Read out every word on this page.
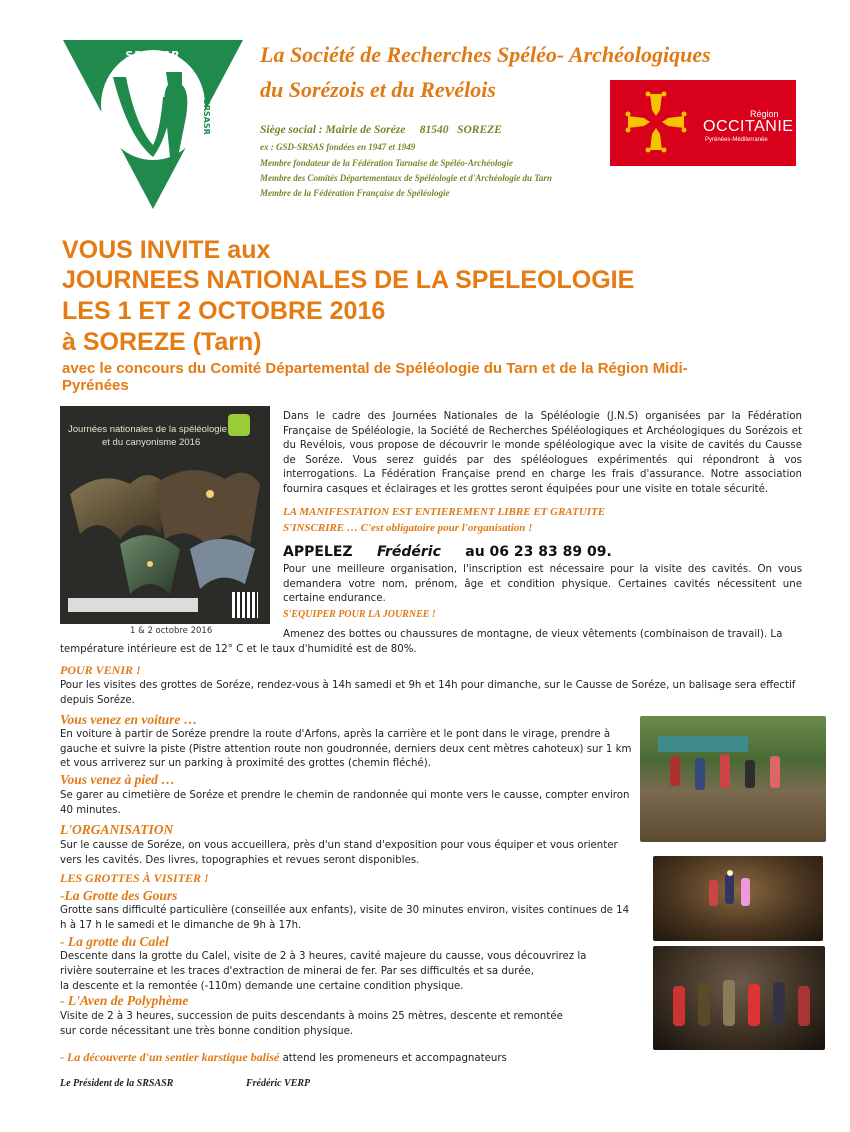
SRSASR
SRSASR
La Société de Recherches Spéléo- Archéologiques
du Sorézois et du Revélois
Siège social : Mairie de Soréze     81540   SOREZE
ex : GSD-SRSAS fondées en 1947 et 1949
Membre fondateur de la Fédération Tarnaise de Spéléo-Archéologie
Membre des Comités Départementaux de Spéléologie et d'Archéologie du Tarn
Membre de la Fédération Française de Spéléologie
Région
OCCITANIE
Pyrénées-Méditerranée
VOUS INVITE aux
JOURNEES NATIONALES DE LA SPELEOLOGIE
LES 1 ET 2 OCTOBRE 2016
à SOREZE (Tarn)
avec le concours du Comité Départemental de Spéléologie du Tarn et de la Région Midi-
Pyrénées
Journées nationales de la spéléologie
et du canyonisme 2016
1 & 2 octobre 2016
Dans le cadre des Journées Nationales de la Spéléologie (J.N.S) organisées par la Fédération Française de Spéléologie, la Société de Recherches Spéléologiques et Archéologiques du Sorézois et du Revélois, vous propose de découvrir le monde spéléologique avec la visite de cavités du Causse de Soréze. Vous serez guidés par des spéléologues expérimentés qui répondront à vos interrogations. La Fédération Française prend en charge les frais d'assurance. Notre association fournira casques et éclairages et les grottes seront équipées pour une visite en totale sécurité.
LA MANIFESTATION EST ENTIEREMENT LIBRE ET GRATUITE
S'INSCRIRE … C'est obligatoire pour l'organisation !
APPELEZ Frédéric au 06 23 83 89 09.
Pour une meilleure organisation, l'inscription est nécessaire pour la visite des cavités. On vous demandera votre nom, prénom, âge et condition physique. Certaines cavités nécessitent une certaine endurance.
S'EQUIPER POUR LA JOURNEE !
Amenez des bottes ou chaussures de montagne, de vieux vêtements (combinaison de travail). La température intérieure est de 12° C et le taux d'humidité est de 80%.
POUR VENIR !
Pour les visites des grottes de Soréze, rendez-vous à 14h samedi et 9h et 14h pour dimanche, sur le Causse de Soréze, un balisage sera effectif depuis Soréze.
Vous venez en voiture …
En voiture à partir de Soréze prendre la route d'Arfons, après la carrière et le pont dans le virage, prendre à gauche et suivre la piste (Pistre attention route non goudronnée, derniers deux cent mètres cahoteux) sur 1 km et vous arriverez sur un parking à proximité des grottes (chemin fléché).
Vous venez à pied …
Se garer au cimetière de Soréze et prendre le chemin de randonnée qui monte vers le causse, compter environ 40 minutes.
L'ORGANISATION
Sur le causse de Soréze, on vous accueillera, près d'un stand d'exposition pour vous équiper et vous orienter vers les cavités. Des livres, topographies et revues seront disponibles.
LES GROTTES À VISITER !
-La Grotte des Gours
Grotte sans difficulté particulière (conseillée aux enfants), visite de 30 minutes environ, visites continues de 14 h à 17 h le samedi et le dimanche de 9h à 17h.
- La grotte du Calel
Descente dans la grotte du Calel, visite de 2 à 3 heures, cavité majeure du causse, vous découvrirez la
rivière souterraine et les traces d'extraction de minerai de fer. Par ses difficultés et sa durée,
la descente et la remontée (-110m) demande une certaine condition physique.
- L'Aven de Polyphème
Visite de 2 à 3 heures, succession de puits descendants à moins 25 mètres, descente et remontée
sur corde nécessitant une très bonne condition physique.
- La découverte d'un sentier karstique balisé attend les promeneurs et accompagnateurs
Le Président de la SRSASR	Frédéric VERP
